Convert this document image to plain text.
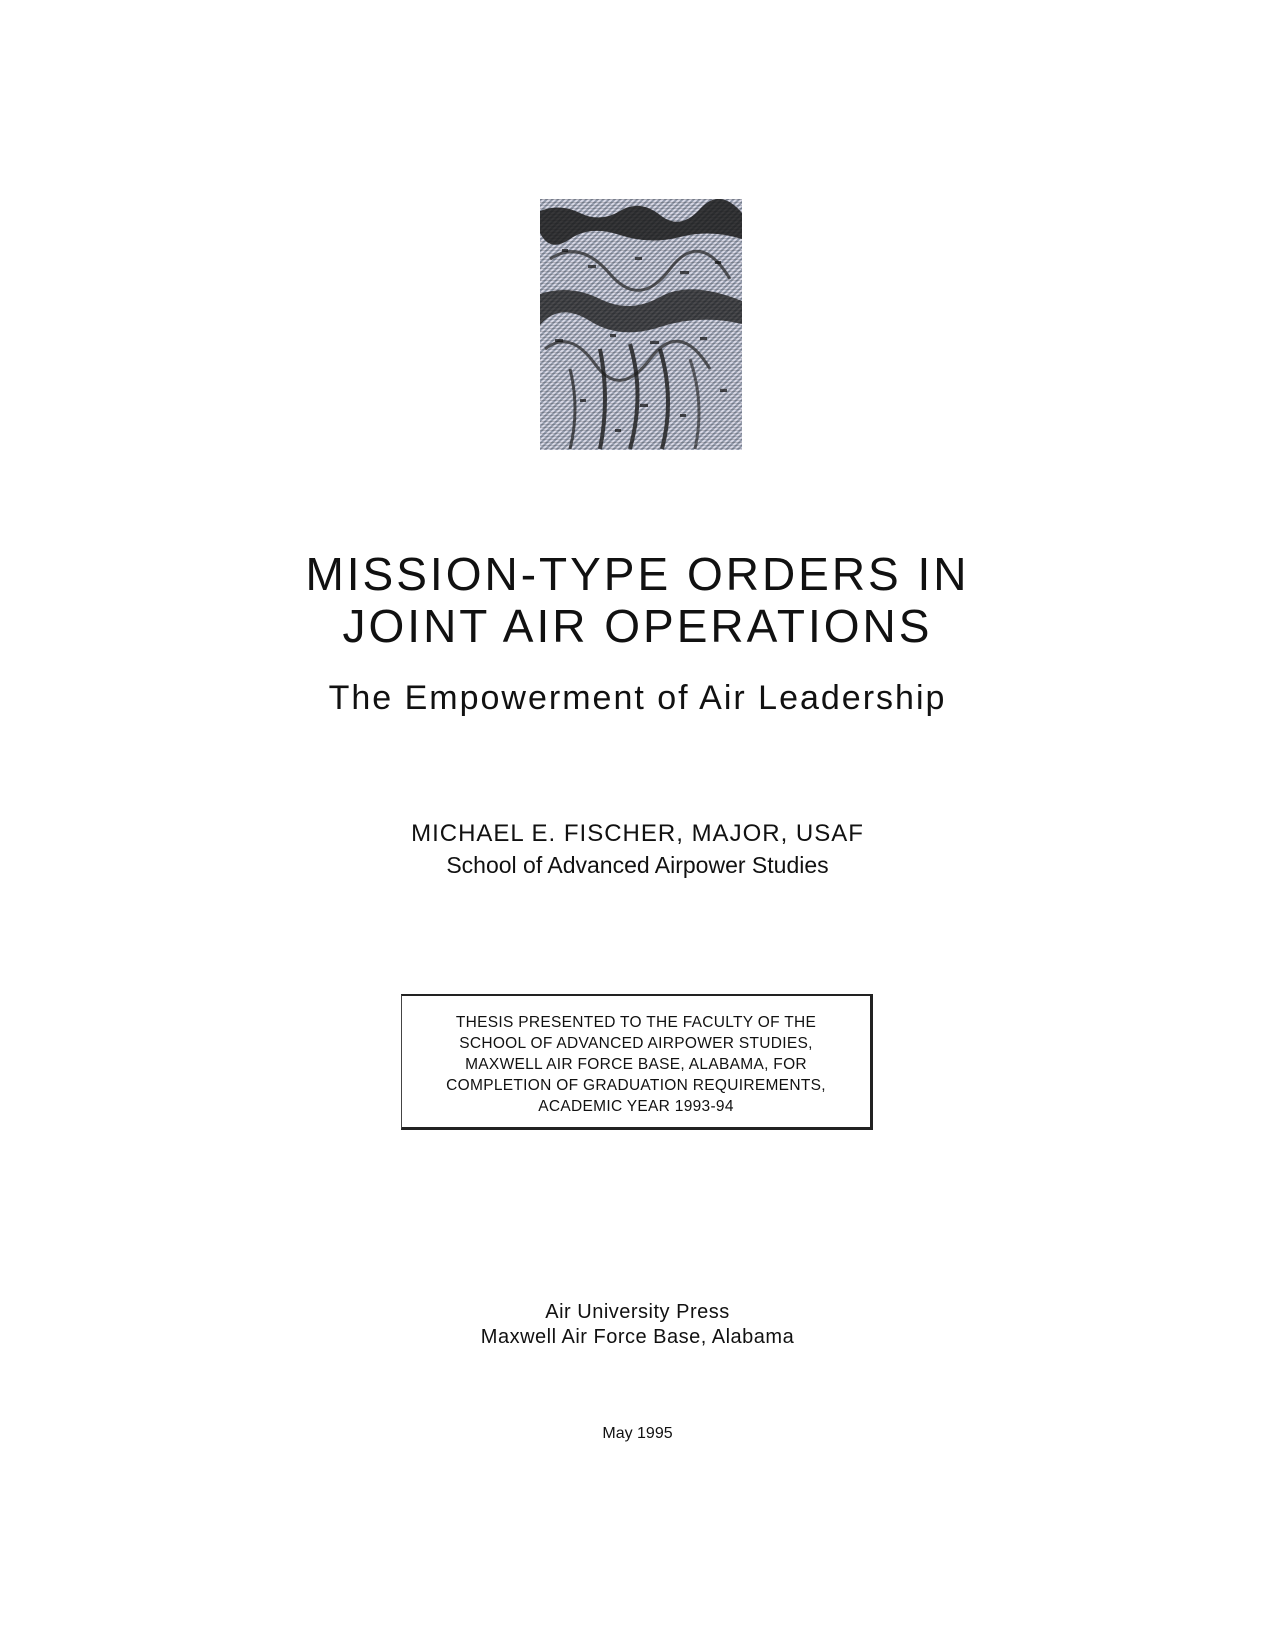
MISSION-TYPE ORDERS IN
JOINT AIR OPERATIONS
The Empowerment of Air Leadership
MICHAEL E. FISCHER, MAJOR, USAF
School of Advanced Airpower Studies
THESIS PRESENTED TO THE FACULTY OF THE
SCHOOL OF ADVANCED AIRPOWER STUDIES,
MAXWELL AIR FORCE BASE, ALABAMA, FOR
COMPLETION OF GRADUATION REQUIREMENTS,
ACADEMIC YEAR 1993-94
Air University Press
Maxwell Air Force Base, Alabama
May 1995
